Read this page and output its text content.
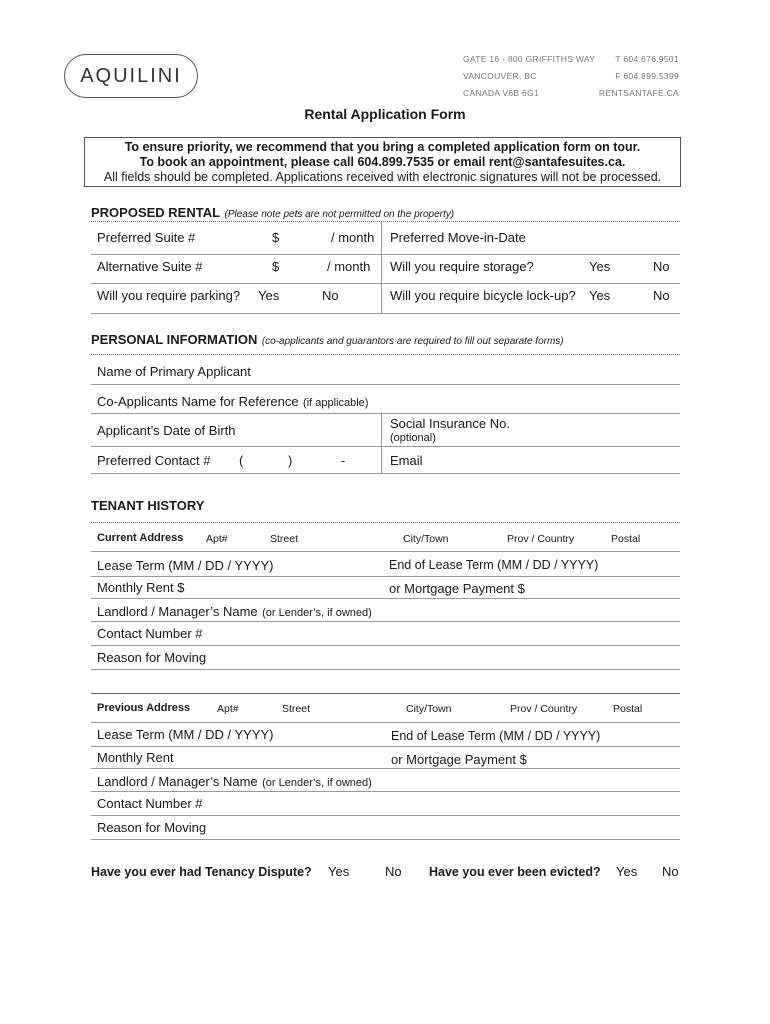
AQUILINI
GATE 16 - 800 GRIFFITHS WAY
VANCOUVER, BC
CANADA V6B 6G1
T 604.676.9501
F 604.899.5399
RENTSANTAFE.CA
Rental Application Form
To ensure priority, we recommend that you bring a completed application form on tour.
To book an appointment, please call 604.899.7535 or email rent@santafesuites.ca.
All fields should be completed. Applications received with electronic signatures will not be processed.
PROPOSED RENTAL (Please note pets are not permitted on the property)
Preferred Suite #	$	/ month Preferred Move-in-Date
Alternative Suite #	$	/ month Will you require storage?	Yes	No
Will you require parking? Yes	No	Will you require bicycle lock-up? Yes	No
PERSONAL INFORMATION (co-applicants and guarantors are required to fill out separate forms)
Name of Primary Applicant
Co-Applicants Name for Reference (if applicable)
Applicant’s Date of Birth	Social Insurance No.
(optional)
Preferred Contact # (	)	-	Email
TENANT HISTORY
Current Address Apt#	Street	City/Town	Prov / Country	Postal
Lease Term (MM / DD / YYYY)	End of Lease Term (MM / DD / YYYY)
Monthly Rent $	or Mortgage Payment $
Landlord / Manager’s Name (or Lender’s, if owned)
Contact Number #
Reason for Moving
Previous Address	Apt#	Street	City/Town	Prov / Country	Postal
Lease Term (MM / DD / YYYY)	End of Lease Term (MM / DD / YYYY)
Monthly Rent	or Mortgage Payment $
Landlord / Manager’s Name (or Lender’s, if owned)
Contact Number #
Reason for Moving
Have you ever had Tenancy Dispute? Yes	No Have you ever been evicted? Yes No
